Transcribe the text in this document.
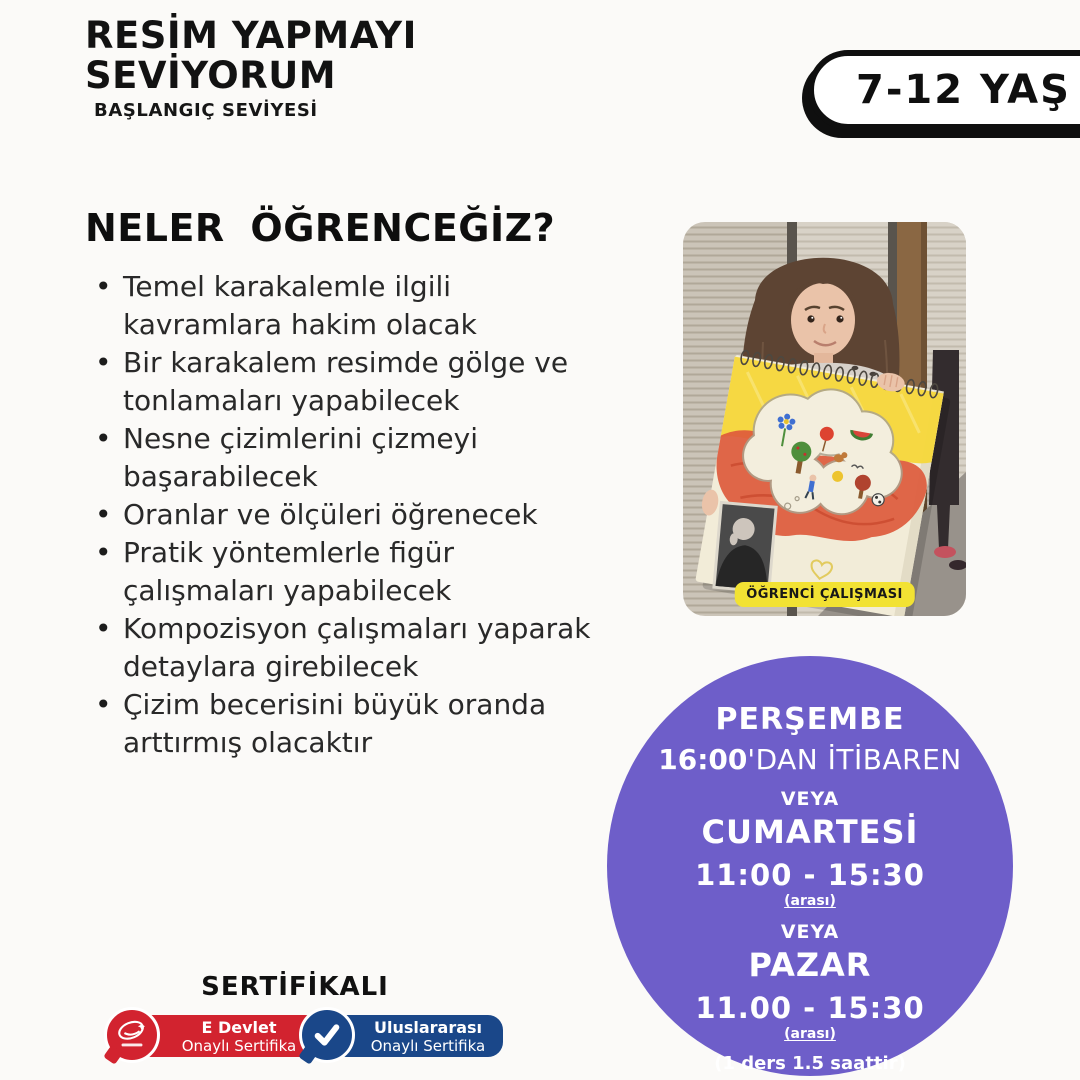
RESİM YAPMAYI
SEVİYORUM
BAŞLANGIÇ SEVİYESİ	7-12 YAŞ
NELER ÖĞRENCEĞİZ?
• Temel karakalemle ilgili kavramlara hakim olacak
• Bir karakalem resimde gölge ve tonlamaları yapabilecek
• Nesne çizimlerini çizmeyi başarabilecek
• Oranlar ve ölçüleri öğrenecek
• Pratik yöntemlerle figür çalışmaları yapabilecek
• Kompozisyon çalışmaları yaparak detaylara girebilecek
• Çizim becerisini büyük oranda arttırmış olacaktır
ÖĞRENCİ ÇALIŞMASI
PERŞEMBE
16:00'DAN İTİBAREN
VEYA
CUMARTESİ
11:00 - 15:30
(arası)
VEYA
PAZAR
11.00 - 15:30
(arası)
(1 ders 1.5 saattir)
SERTİFİKALI
E Devlet
Onaylı Sertifika
Uluslararası
Onaylı Sertifika
